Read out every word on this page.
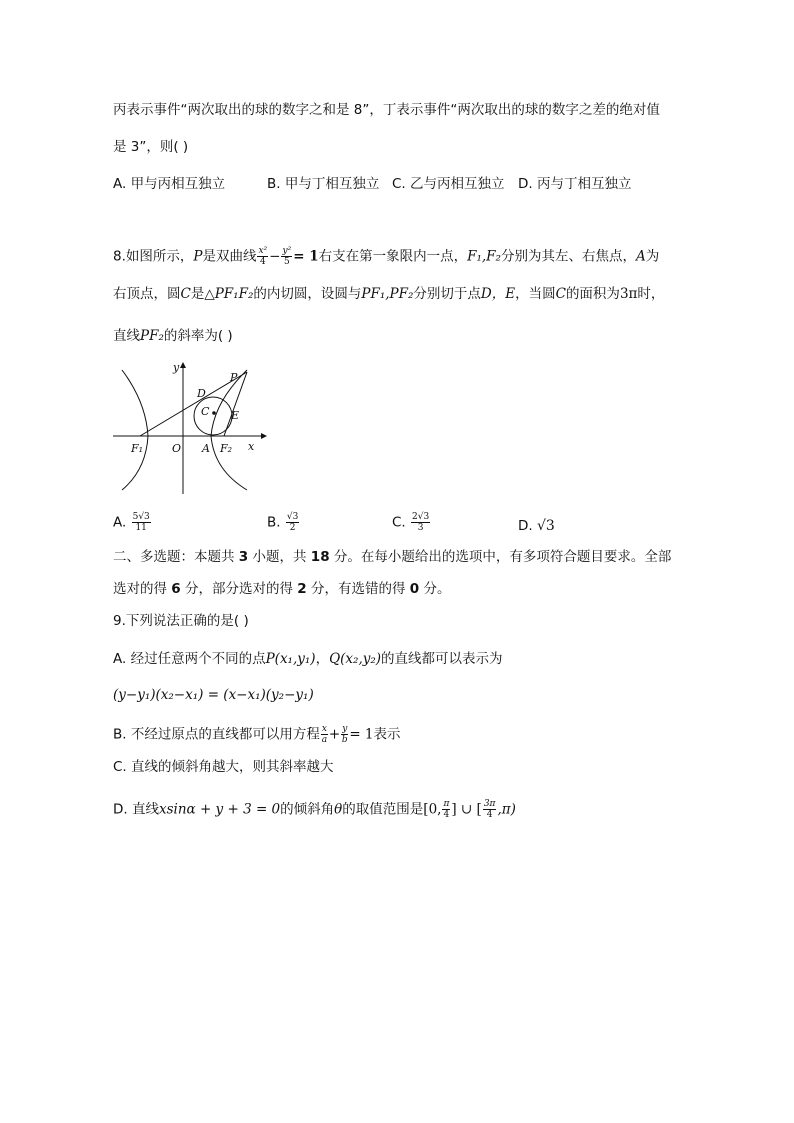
丙表示事件“两次取出的球的数字之和是 8”，丁表示事件“两次取出的球的数字之差的绝对值
是 3”，则( )
A. 甲与丙相互独立	B. 甲与丁相互独立 C. 乙与丙相互独立 D. 丙与丁相互独立
8.如图所示，P是双曲线 $\frac{\text{x²}}{4} - \frac{\text{y²}}{5} = 1$右支在第一象限内一点，F₁,F₂分别为其左、右焦点，A为
右顶点，圆C是△PF₁F₂的内切圆，设圆与PF₁,PF₂分别切于点D，E，当圆C的面积为3π时，
直线PF₂的斜率为( )
y
P
D
C E
F₁	O A F₂ x
A. $\frac{5√3}{11}$	B. $\frac{√3}{2}$	C. $\frac{2√3}{3}$	D. √3
二、多选题：本题共 3 小题，共 18 分。在每小题给出的选项中，有多项符合题目要求。全部
选对的得 6 分，部分选对的得 2 分，有选错的得 0 分。
9.下列说法正确的是( )
A. 经过任意两个不同的点P(x₁,y₁)，Q(x₂,y₂)的直线都可以表示为
(y−y₁)(x₂−x₁) = (x−x₁)(y₂−y₁)
B. 不经过原点的直线都可以用方程 $\frac{x}{a} + \frac{y}{b} = 1$表示
C. 直线的倾斜角越大，则其斜率越大
D. 直线xsinα + y + 3 = 0的倾斜角θ的取值范围是[0, $\frac{\pi}{4}$ ] ∪ [ $\frac{3\pi}{4} ,\pi$)
